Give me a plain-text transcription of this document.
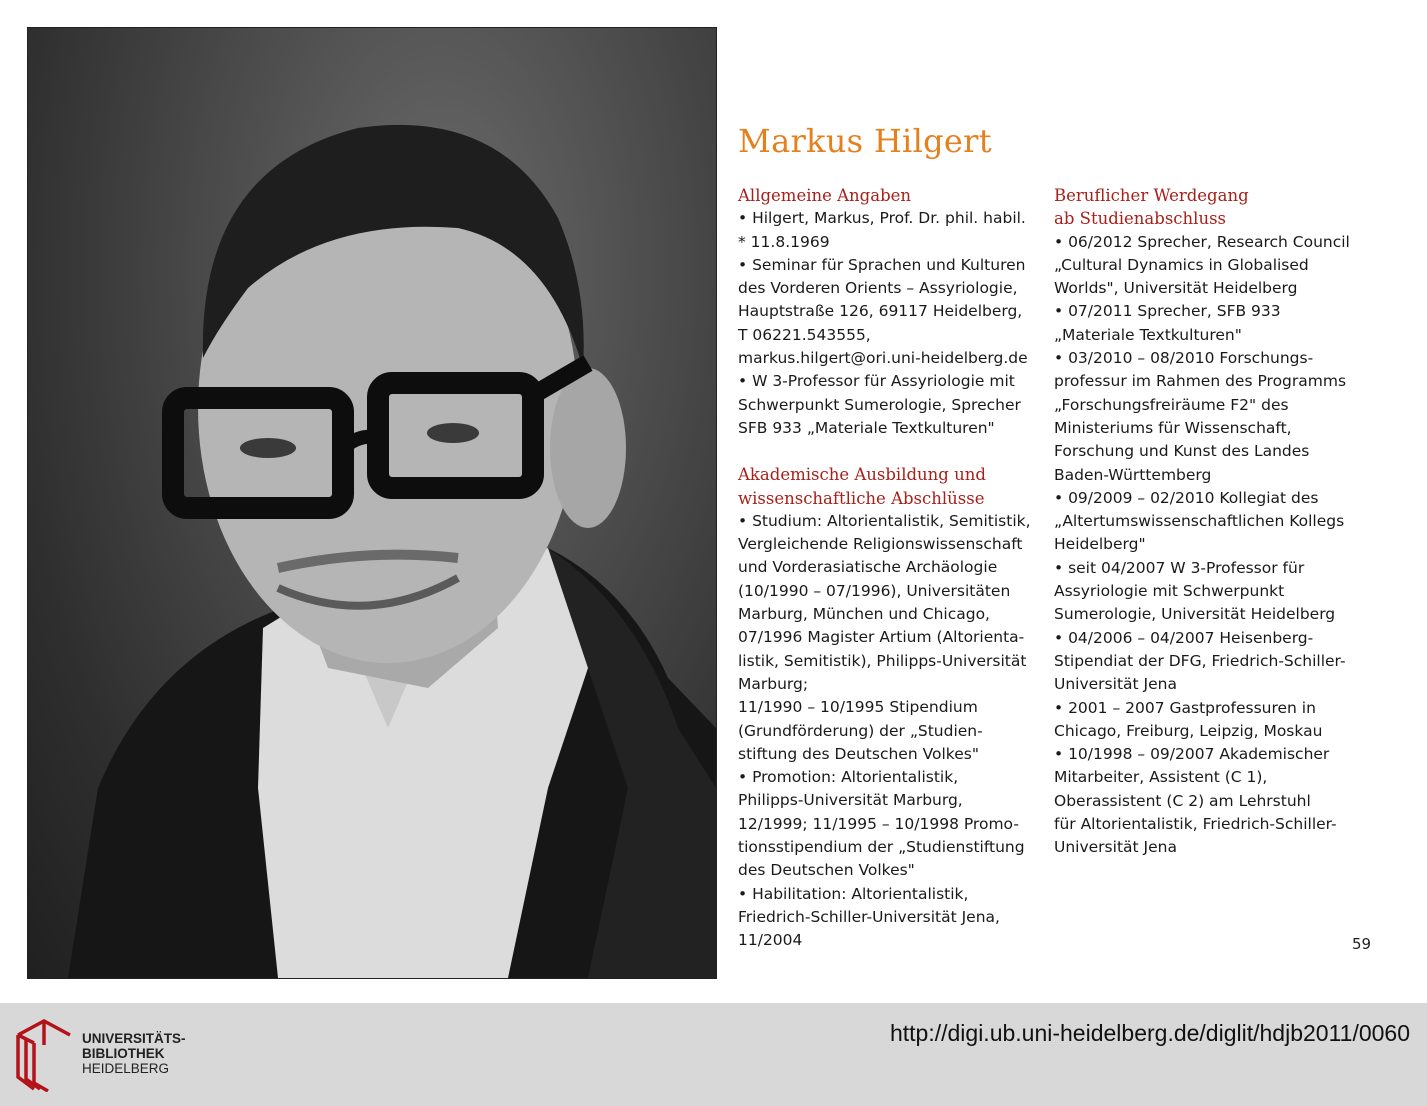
Markus Hilgert
Allgemeine Angaben
• Hilgert, Markus, Prof. Dr. phil. habil.
* 11.8.1969
• Seminar für Sprachen und Kulturen
des Vorderen Orients – Assyriologie,
Hauptstraße 126, 69117 Heidelberg,
T 06221.543555,
markus.hilgert@ori.uni-heidelberg.de
• W 3-Professor für Assyriologie mit
Schwerpunkt Sumerologie, Sprecher
SFB 933 „Materiale Textkulturen"
Akademische Ausbildung und
wissenschaftliche Abschlüsse
• Studium: Altorientalistik, Semitistik,
Vergleichende Religionswissenschaft
und Vorderasiatische Archäologie
(10/1990 – 07/1996), Universitäten
Marburg, München und Chicago,
07/1996 Magister Artium (Altorienta-
listik, Semitistik), Philipps-Universität
Marburg;
11/1990 – 10/1995 Stipendium
(Grundförderung) der „Studien-
stiftung des Deutschen Volkes"
• Promotion: Altorientalistik,
Philipps-Universität Marburg,
12/1999; 11/1995 – 10/1998 Promo-
tionsstipendium der „Studienstiftung
des Deutschen Volkes"
• Habilitation: Altorientalistik,
Friedrich-Schiller-Universität Jena,
11/2004
Beruflicher Werdegang
ab Studienabschluss
• 06/2012 Sprecher, Research Council
„Cultural Dynamics in Globalised
Worlds", Universität Heidelberg
• 07/2011 Sprecher, SFB 933
„Materiale Textkulturen"
• 03/2010 – 08/2010 Forschungs-
professur im Rahmen des Programms
„Forschungsfreiräume F2" des
Ministeriums für Wissenschaft,
Forschung und Kunst des Landes
Baden-Württemberg
• 09/2009 – 02/2010 Kollegiat des
„Altertumswissenschaftlichen Kollegs
Heidelberg"
• seit 04/2007 W 3-Professor für
Assyriologie mit Schwerpunkt
Sumerologie, Universität Heidelberg
• 04/2006 – 04/2007 Heisenberg-
Stipendiat der DFG, Friedrich-Schiller-
Universität Jena
• 2001 – 2007 Gastprofessuren in
Chicago, Freiburg, Leipzig, Moskau
• 10/1998 – 09/2007 Akademischer
Mitarbeiter, Assistent (C 1),
Oberassistent (C 2) am Lehrstuhl
für Altorientalistik, Friedrich-Schiller-
Universität Jena
59
UNIVERSITÄTS-
BIBLIOTHEK
HEIDELBERG
http://digi.ub.uni-heidelberg.de/diglit/hdjb2011/0060
